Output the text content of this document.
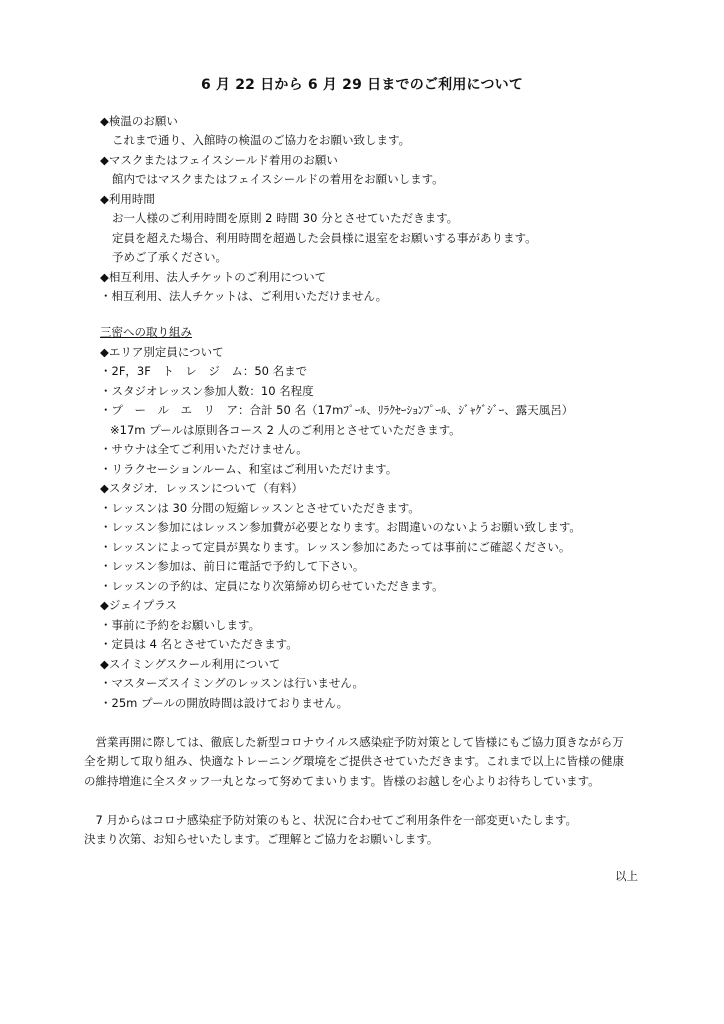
6 月 22 日から 6 月 29 日までのご利用について
◆検温のお願い
これまで通り、入館時の検温のご協力をお願い致します。
◆マスクまたはフェイスシールド着用のお願い
館内ではマスクまたはフェイスシールドの着用をお願いします。
◆利用時間
お一人様のご利用時間を原則 2 時間 30 分とさせていただきます。
定員を超えた場合、利用時間を超過した会員様に退室をお願いする事があります。
予めご了承ください。
◆相互利用、法人チケットのご利用について
・相互利用、法人チケットは、ご利用いただけません。
三密への取り組み
◆エリア別定員について
・2F，3F　ト　レ　ジ　ム：50 名まで
・スタジオレッスン参加人数：10 名程度
・プ　ー　ル　エ　リ　ア：合計 50 名（17mﾌﾟｰﾙ、ﾘﾗｸｾｰｼｮﾝﾌﾟｰﾙ、ｼﾞｬｸﾞｼﾞｰ、露天風呂）
※17m プールは原則各コース 2 人のご利用とさせていただきます。
・サウナは全てご利用いただけません。
・リラクセーションルーム、和室はご利用いただけます。
◆スタジオ．レッスンについて（有料）
・レッスンは 30 分間の短縮レッスンとさせていただきます。
・レッスン参加にはレッスン参加費が必要となります。お間違いのないようお願い致します。
・レッスンによって定員が異なります。レッスン参加にあたっては事前にご確認ください。
・レッスン参加は、前日に電話で予約して下さい。
・レッスンの予約は、定員になり次第締め切らせていただきます。
◆ジェイプラス
・事前に予約をお願いします。
・定員は 4 名とさせていただきます。
◆スイミングスクール利用について
・マスターズスイミングのレッスンは行いません。
・25m プールの開放時間は設けておりません。
　営業再開に際しては、徹底した新型コロナウイルス感染症予防対策として皆様にもご協力頂きながら万
全を期して取り組み、快適なトレーニング環境をご提供させていただきます。これまで以上に皆様の健康
の維持増進に全スタッフ一丸となって努めてまいります。皆様のお越しを心よりお待ちしています。
　7 月からはコロナ感染症予防対策のもと、状況に合わせてご利用条件を一部変更いたします。
決まり次第、お知らせいたします。ご理解とご協力をお願いします。
以上
